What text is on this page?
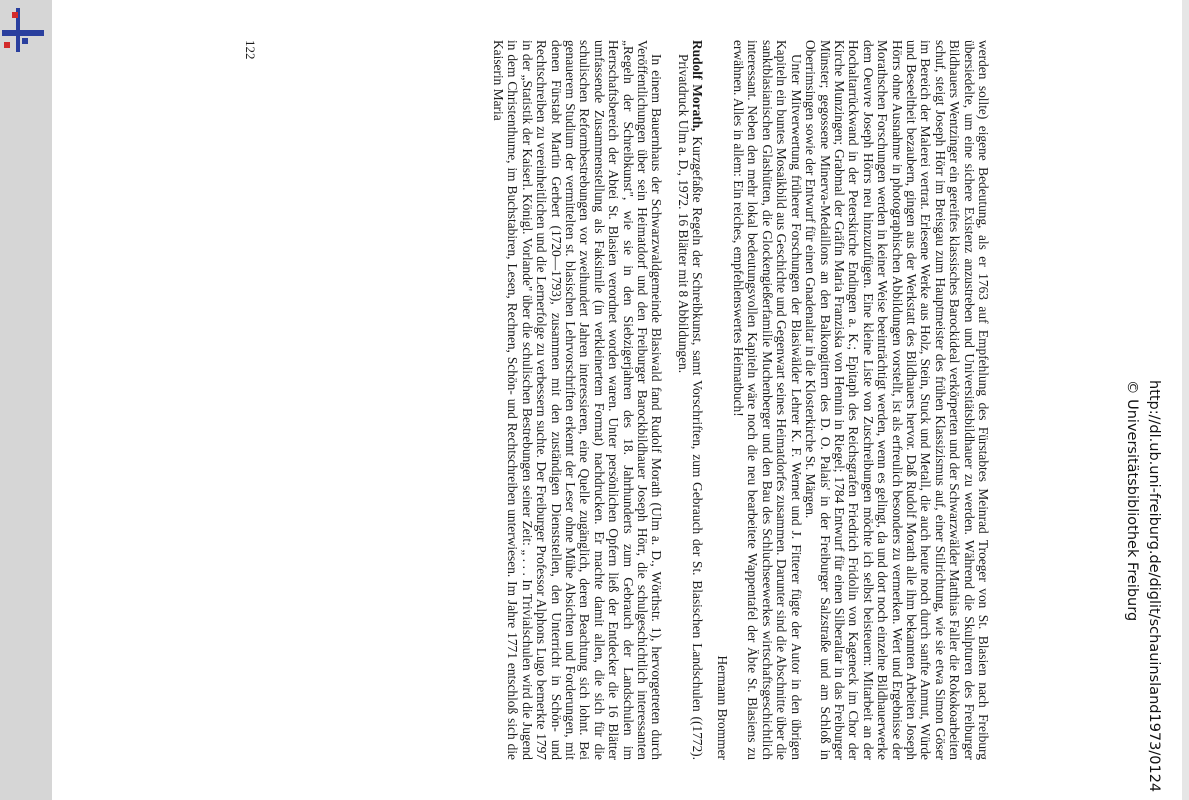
werden sollte) eigene Bedeutung, als er 1763 auf Empfehlung des Fürstabtes Meinrad Troeger von St. Blasien nach Freiburg übersiedelte, um eine sichere Existenz anzustreben und Universitätsbildhauer zu werden. Während die Skulpturen des Freiburger Bildhauers Wentzinger ein gereiftes klassisches Barockideal verkörperten und der Schwarzwälder Matthias Faller die Rokokoarbeiten schuf, steigt Joseph Hörr im Breisgau zum Hauptmeister des frühen Klassizismus auf, einer Stilrichtung, wie sie etwa Simon Göser im Bereich der Malerei vertrat. Erlesene Werke aus Holz, Stein, Stuck und Metall, die auch heute noch durch sanfte Anmut, Würde und Beseeltheit bezaubern, gingen aus der Werkstatt des Bildhauers hervor. Daß Rudolf Morath alle ihm bekannten Arbeiten Joseph Hörrs ohne Ausnahme in photographischen Abbildungen vorstellt, ist als erfreulich besonders zu vermerken. Wert und Ergebnisse der Morathschen Forschungen werden in keiner Weise beeinträchtigt werden, wenn es gelingt, da und dort noch einzelne Bildhauerwerke dem Oeuvre Joseph Hörrs neu hinzuzufügen. Eine kleine Liste von Zuschreibungen möchte ich selbst beisteuern: Mitarbeit an der Hochaltarrückwand in der Peterskirche Endingen a. K.; Epitaph des Reichsgrafen Friedrich Fridolin von Kageneck im Chor der Kirche Munzingen; Grabmal der Gräfin Maria Franziska von Hennin in Riegel; 1784 Entwurf für einen Silberaltar in das Freiburger Münster; gegossene Minerva-Medaillons an den Balkongittern des D. O. Palais' in der Freiburger Salzstraße und am Schloß in Oberrimsingen sowie der Entwurf für einen Gnadenaltar in die Klosterkirche St. Märgen.

Unter Mitverwertung früherer Forschungen der Blasiwälder Lehrer K. F. Wernet und J. Fitterer fügte der Autor in den übrigen Kapiteln ein buntes Mosaikbild aus Geschichte und Gegenwart seines Heimatdorfes zusammen. Darunter sind die Abschnitte über die sanktblasianischen Glashütten, die Glockengießerfamilie Muchenberger und den Bau des Schluchseewerkes wirtschaftsgeschichtlich interessant. Neben den mehr lokal bedeutungsvollen Kapiteln wäre noch die neu bearbeitete Wappentafel der Äbte St. Blasiens zu erwähnen. Alles in allem: Ein reiches, empfehlenswertes Heimatbuch!

Hermann Brommer

Rudolf Morath, Kurzgefaßte Regeln der Schreibkunst, samt Vorschriften, zum Gebrauch der St. Blasischen Landschulen ((1772). Privatdruck Ulm a. D., 1972. 16 Blätter mit 8 Abbildungen.

In einem Bauernhaus der Schwarzwaldgemeinde Blasiwald fand Rudolf Morath (Ulm a. D., Wörthstr. 1), hervorgetreten durch Veröffentlichungen über sein Heimatdorf und den Freiburger Barockbildhauer Joseph Hörr, die schulgeschichtlich interessanten „Regeln der Schreibkunst", wie sie in den Siebzigerjahren des 18. Jahrhunderts zum Gebrauch der Landschulen im Herrschaftsbereich der Abtei St. Blasien verordnet worden waren. Unter persönlichen Opfern ließ der Entdecker die 16 Blätter umfassende Zusammenstellung als Faksimile (in verkleinertem Format) nachdrucken. Er machte damit allen, die sich für die schulischen Reformbestrebungen vor zweihundert Jahren interessieren, eine Quelle zugänglich, deren Beachtung sich lohnt. Bei genauerem Studium der vermittelten st. blasischen Lehrvorschriften erkennt der Leser ohne Mühe Absichten und Forderungen, mit denen Fürstabt Martin Gerbert (1720—1793), zusammen mit den zuständigen Dienststellen, den Unterricht in Schön- und Rechtschreiben zu vereinheitlichen und die Lernerfolge zu verbessern suchte. Der Freiburger Professor Alphons Lugo bemerkte 1797 in der „Statistik der Kaiserl. Königl. Vorlande" über die schulischen Bestrebungen seiner Zeit: „ . . . In Trivialschulen wird die Jugend in dem Christenthume, im Buchstabiren, Lesen, Rechnen, Schön- und Rechtschreiben unterwiesen. Im Jahre 1771 entschloß sich die Kaiserin Maria

122
http://dl.ub.uni-freiburg.de/diglit/schauinsland1973/0124
© Universitätsbibliothek Freiburg
